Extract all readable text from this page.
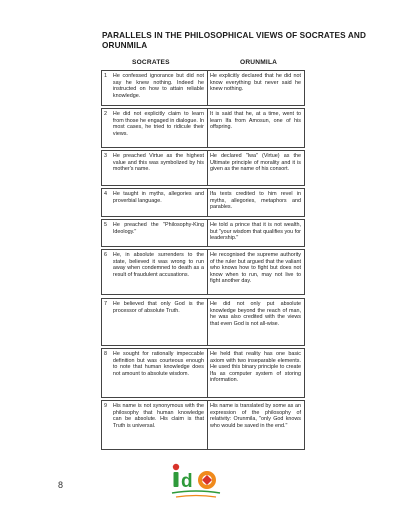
PARALLELS IN THE PHILOSOPHICAL VIEWS OF SOCRATES AND ORUNMILA
SOCRATES	ORUNMILA
1	He confessed ignorance but did not say he knew nothing. Indeed he instructed on how to attain reliable knowledge.
He explicitly declared that he did not know everything but never said he knew nothing.
2	He did not explicitly claim to learn from those he engaged in dialogue. In most cases, he tried to ridicule their views.
It is said that he, at a time, went to learn Ifa from Amosun, one of his offspring.
3	He preached Virtue as the highest value and this was symbolized by his mother's name.
He declared "Iwa" (Virtue) as the Ultimate principle of morality and it is given as the name of his consort.
4	He taught in myths, allegories and proverbial language.
Ifa texts credited to him revel in myths, allegories, metaphors and parables.
5	He preached the "Philosophy-King Ideology."
He told a prince that it is not wealth, but "your wisdom that qualifies you for leadership."
6	He, in absolute surrenders to the state, believed it was wrong to run away when condemned to death as a result of fraudulent accusations.
He recognised the supreme authority of the ruler but argued that the valiant who knows how to fight but does not know when to run, may not live to fight another day.
7	He believed that only God is the processor of absolute Truth.
He did not only put absolute knowledge beyond the reach of man, he was also credited with the views that even God is not all-wise.
8	He sought for rationally impeccable definition but was courteous enough to note that human knowledge does not amount to absolute wisdom.
He held that reality has one basic axiom with two inseparable elements. He used this binary principle to create Ifa as computer system of storing information.
9	His name is not synonymous with the philosophy that human knowledge can be absolute. His claim is that Truth is universal.
His name is translated by some as an expression of the philosophy of relativity: Orunmila, "only God knows who would be saved in the end."
8	d
